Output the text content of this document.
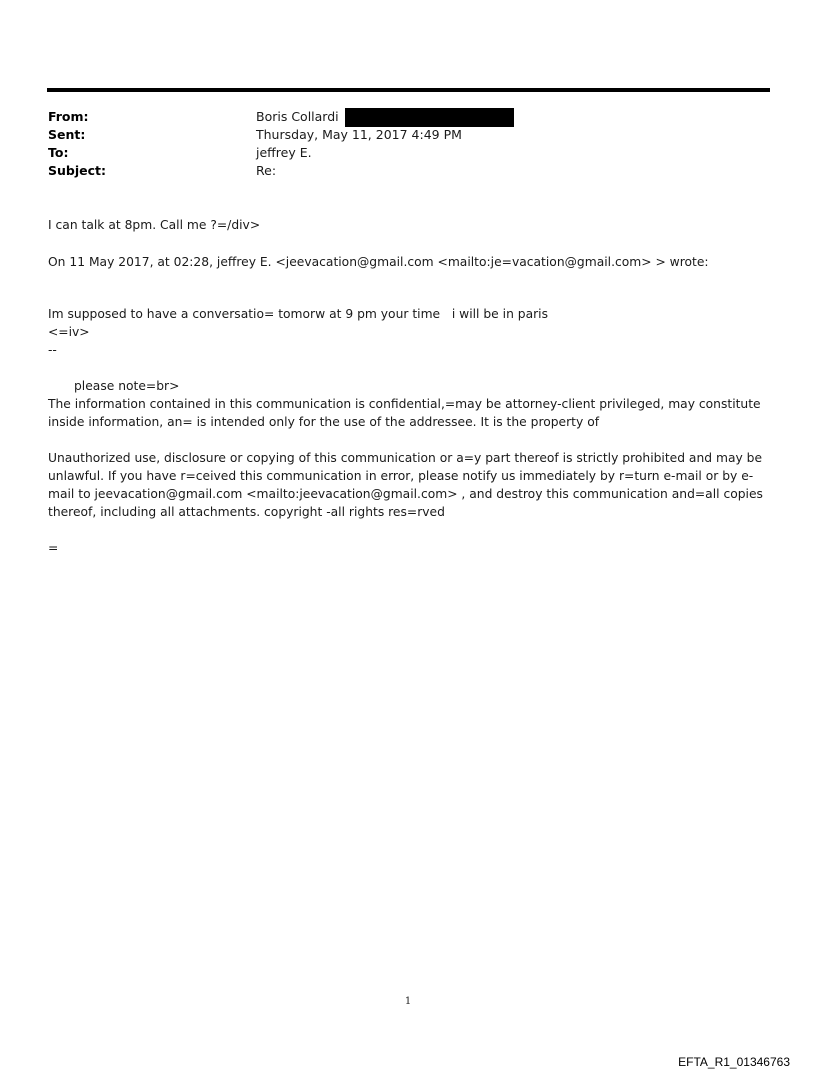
From:	Boris Collardi
Sent:	Thursday, May 11, 2017 4:49 PM
To:	jeffrey E.
Subject:	Re:
I can talk at 8pm. Call me ?=/div>
On 11 May 2017, at 02:28, jeffrey E. <jeevacation@gmail.com <mailto:je=vacation@gmail.com> > wrote:
Im supposed to have a conversatio= tomorw at 9 pm your time   i will be in paris
<=iv>
--
please note=br>
The information contained in this communication is confidential,=may be attorney-client privileged, may constitute inside information, an= is intended only for the use of the addressee. It is the property of
Unauthorized use, disclosure or copying of this communication or a=y part thereof is strictly prohibited and may be unlawful. If you have r=ceived this communication in error, please notify us immediately by r=turn e-mail or by e-mail to jeevacation@gmail.com <mailto:jeevacation@gmail.com> , and destroy this communication and=all copies thereof, including all attachments. copyright -all rights res=rved
=
1
EFTA_R1_01346763
